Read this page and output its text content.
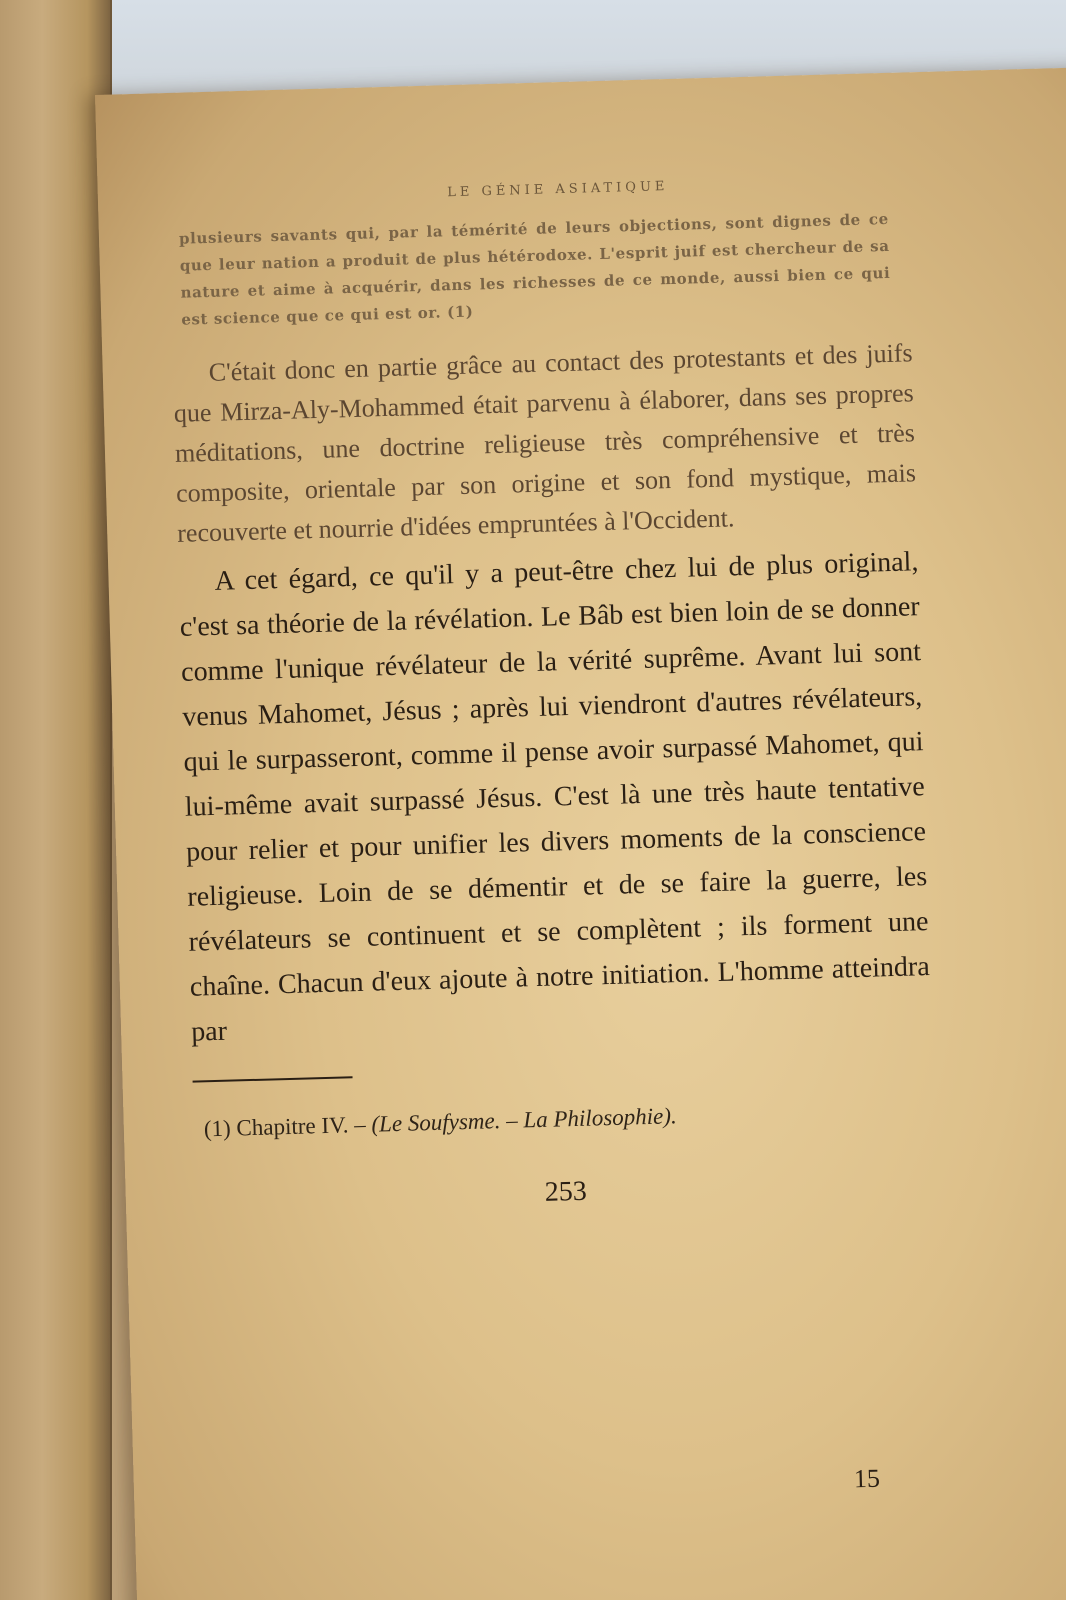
LE GÉNIE ASIATIQUE

plusieurs savants qui, par la témérité de leurs objections, sont dignes de ce que leur nation a produit de plus hétérodoxe. L'esprit juif est chercheur de sa nature et aime à acquérir, dans les richesses de ce monde, aussi bien ce qui est science que ce qui est or. (1)

C'était donc en partie grâce au contact des protestants et des juifs que Mirza-Aly-Mohammed était parvenu à élaborer, dans ses propres méditations, une doctrine religieuse très compréhensive et très composite, orientale par son origine et son fond mystique, mais recouverte et nourrie d'idées empruntées à l'Occident.

A cet égard, ce qu'il y a peut-être chez lui de plus original, c'est sa théorie de la révélation. Le Bâb est bien loin de se donner comme l'unique révélateur de la vérité suprême. Avant lui sont venus Mahomet, Jésus ; après lui viendront d'autres révélateurs, qui le surpasseront, comme il pense avoir surpassé Mahomet, qui lui-même avait surpassé Jésus. C'est là une très haute tentative pour relier et pour unifier les divers moments de la conscience religieuse. Loin de se démentir et de se faire la guerre, les révélateurs se continuent et se complètent ; ils forment une chaîne. Chacun d'eux ajoute à notre initiation. L'homme atteindra par

(1) Chapitre IV. – (Le Soufysme. – La Philosophie).

253
15
